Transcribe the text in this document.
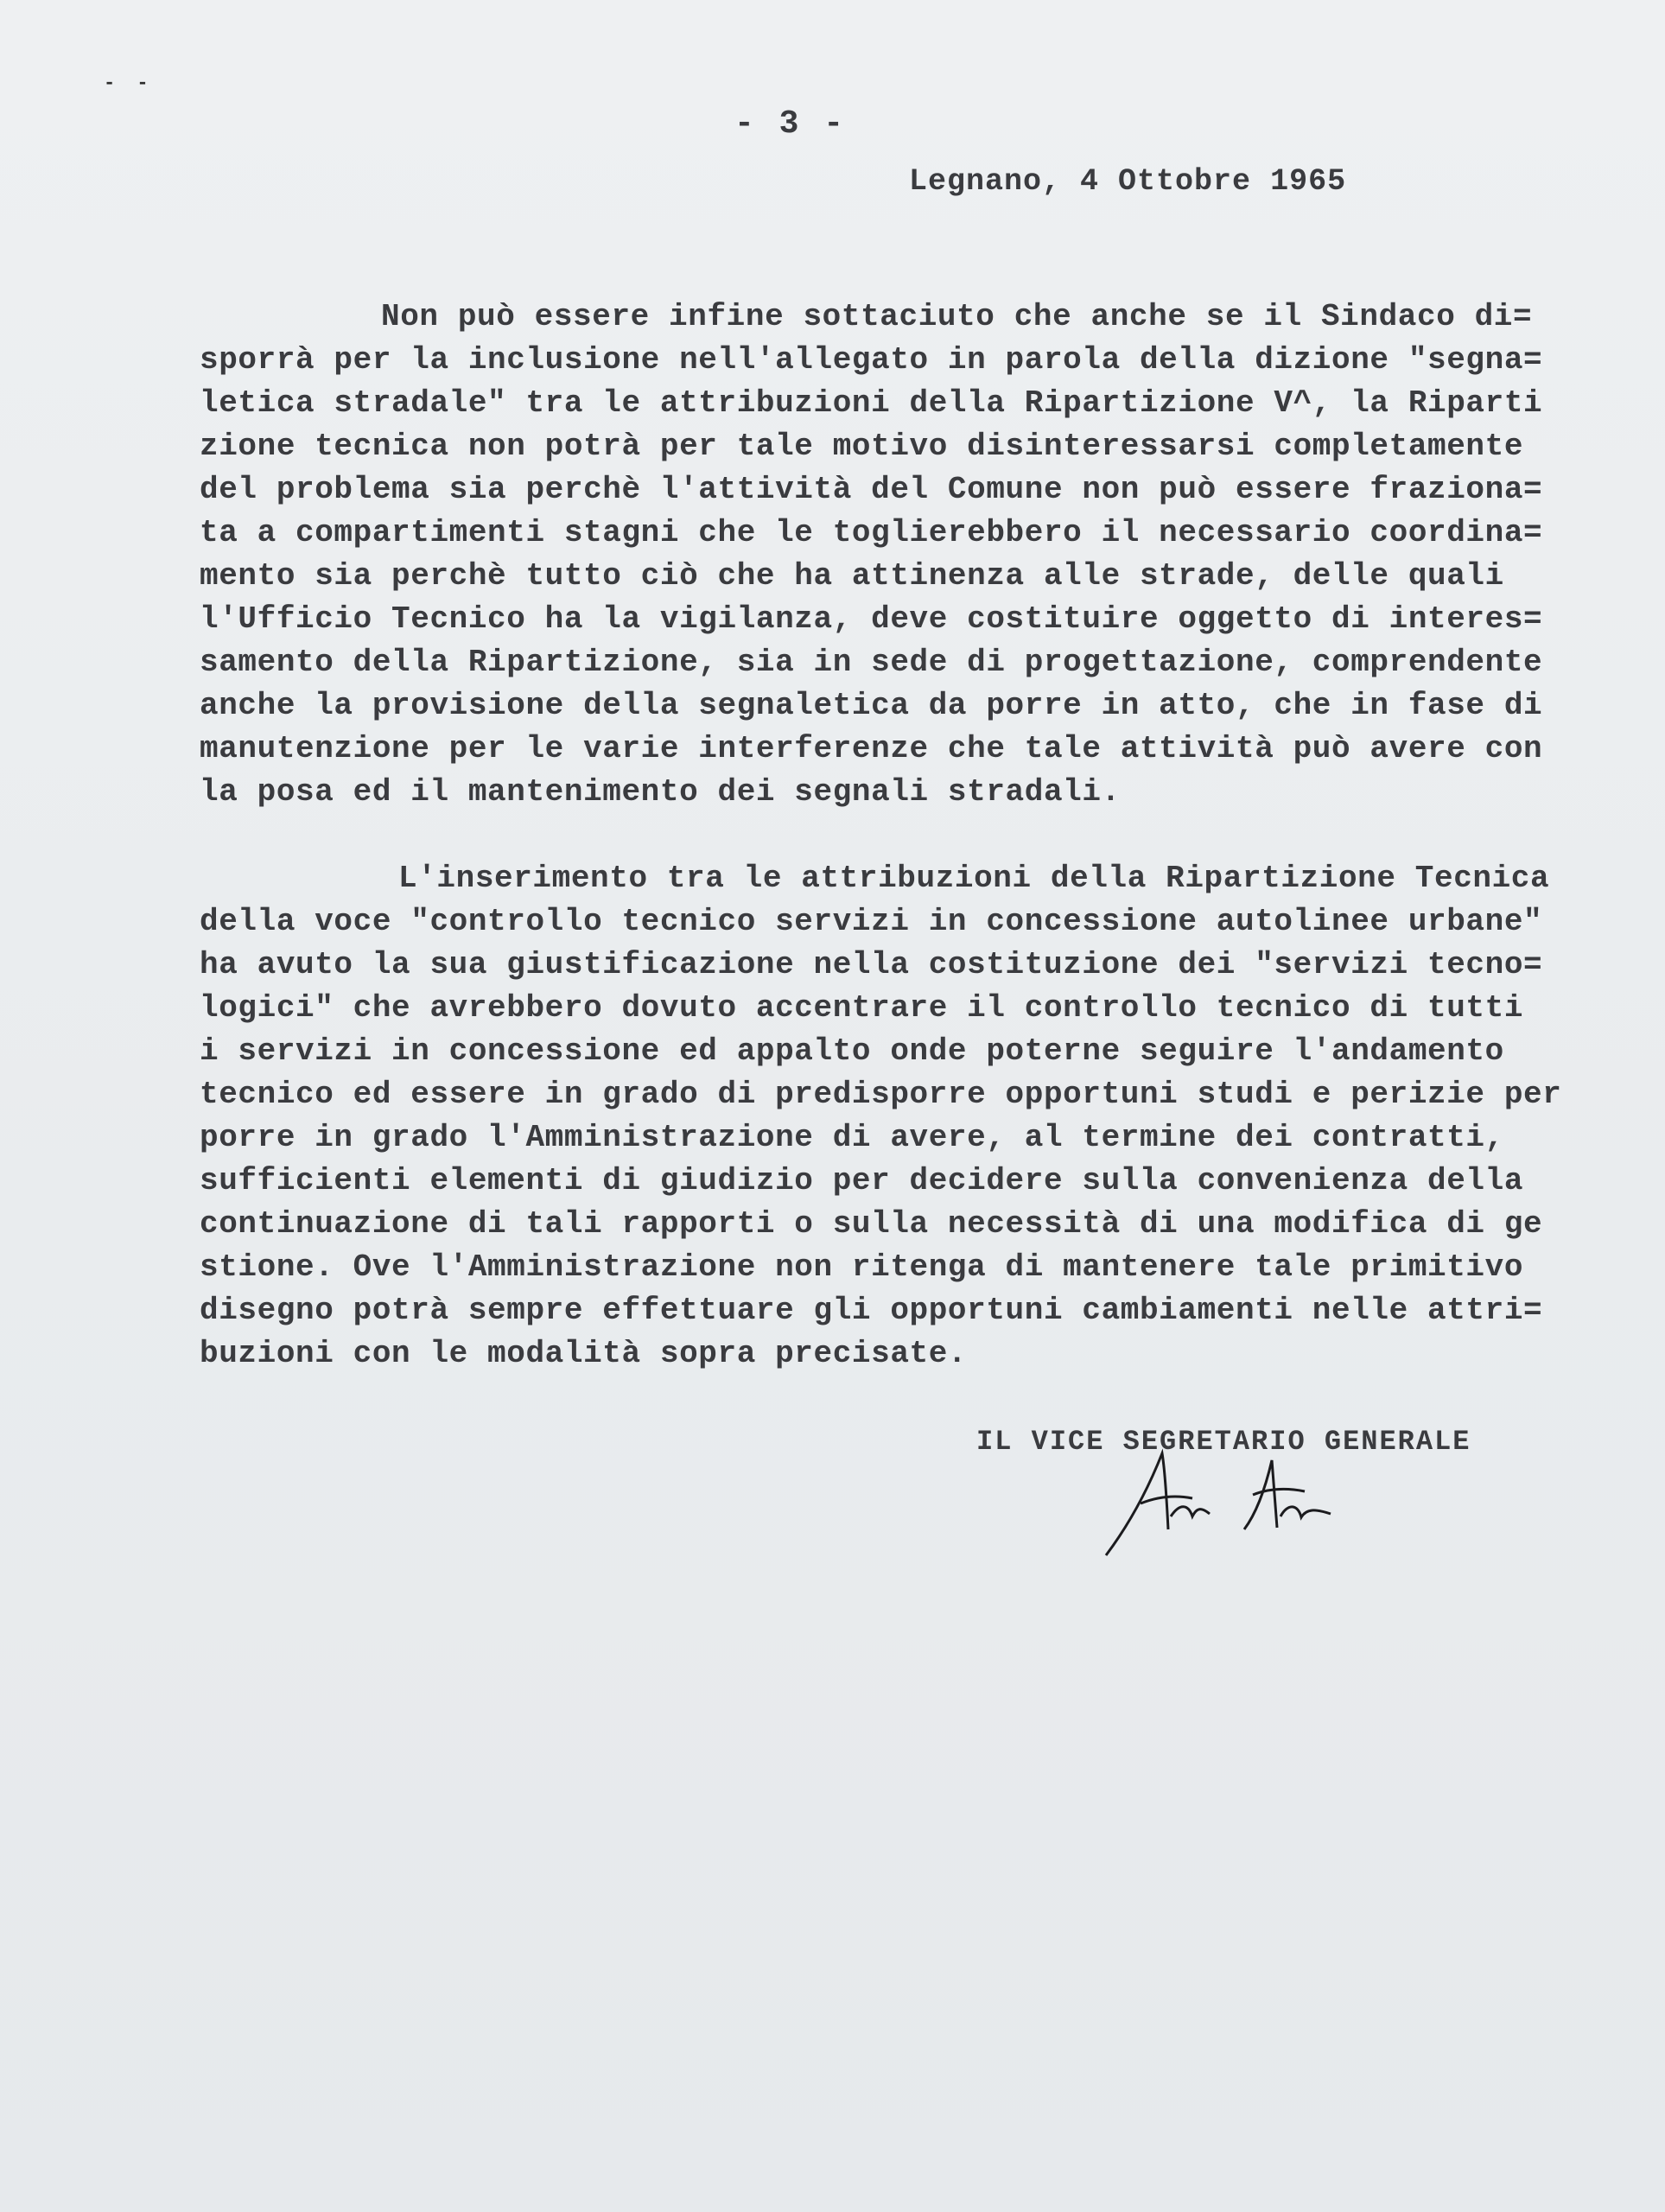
- -
- 3 -
Legnano, 4 Ottobre 1965
Non può essere infine sottaciuto che anche se il Sindaco di=
sporrà per la inclusione nell'allegato in parola della dizione "segna=
letica stradale" tra le attribuzioni della Ripartizione V^, la Riparti
zione tecnica non potrà per tale motivo disinteressarsi completamente
del problema sia perchè l'attività del Comune non può essere fraziona=
ta a compartimenti stagni che le toglierebbero il necessario coordina=
mento sia perchè tutto ciò che ha attinenza alle strade, delle quali
l'Ufficio Tecnico ha la vigilanza, deve costituire oggetto di interes=
samento della Ripartizione, sia in sede di progettazione, comprendente
anche la provisione della segnaletica da porre in atto, che in fase di
manutenzione per le varie interferenze che tale attività può avere con
la posa ed il mantenimento dei segnali stradali.
L'inserimento tra le attribuzioni della Ripartizione Tecnica
della voce "controllo tecnico servizi in concessione autolinee urbane"
ha avuto la sua giustificazione nella costituzione dei "servizi tecno=
logici" che avrebbero dovuto accentrare il controllo tecnico di tutti
i servizi in concessione ed appalto onde poterne seguire l'andamento
tecnico ed essere in grado di predisporre opportuni studi e perizie per
porre in grado l'Amministrazione di avere, al termine dei contratti,
sufficienti elementi di giudizio per decidere sulla convenienza della
continuazione di tali rapporti o sulla necessità di una modifica di ge
stione. Ove l'Amministrazione non ritenga di mantenere tale primitivo
disegno potrà sempre effettuare gli opportuni cambiamenti nelle attri=
buzioni con le modalità sopra precisate.
IL VICE SEGRETARIO GENERALE
